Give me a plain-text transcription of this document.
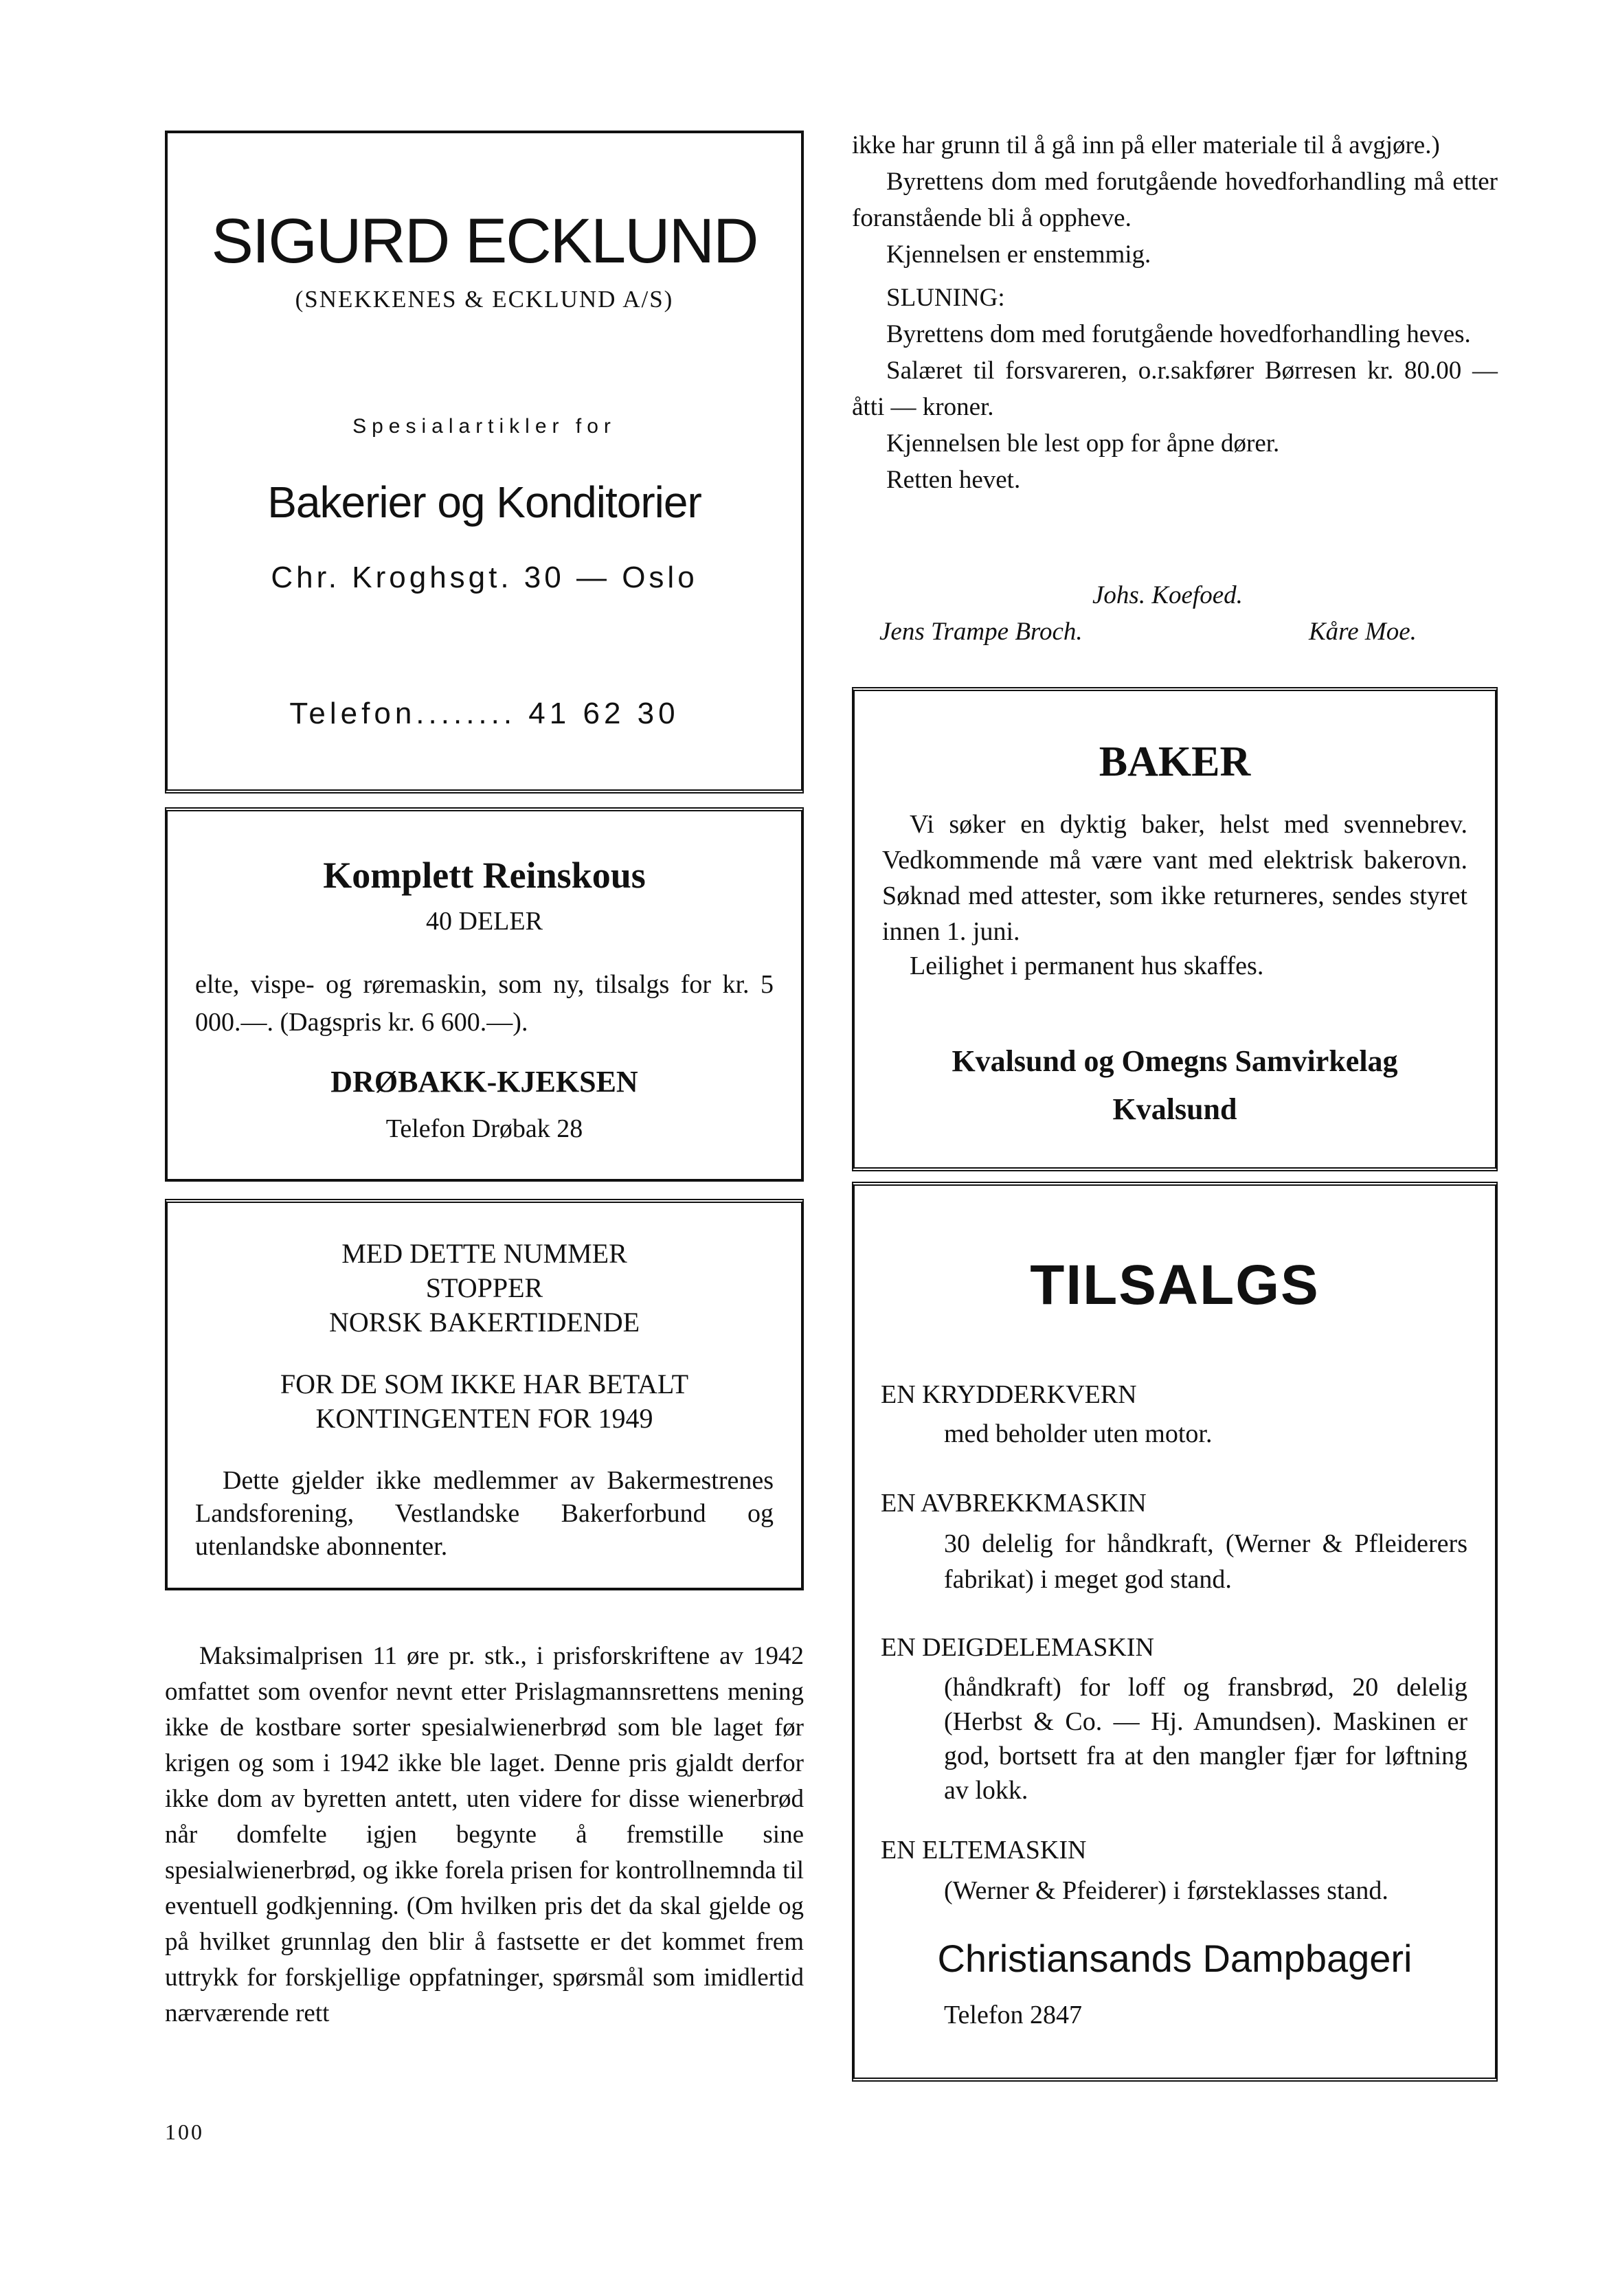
SIGURD ECKLUND
(SNEKKENES & ECKLUND A/S)
Spesialartikler for
Bakerier og Konditorier
Chr. Kroghsgt. 30 — Oslo
Telefon........ 41 62 30

ikke har grunn til å gå inn på eller materiale til å avgjøre.)

Byrettens dom med forutgående hovedforhandling må etter foranstående bli å oppheve.

Kjennelsen er enstemmig.

SLUNING:

Byrettens dom med forutgående hovedforhandling heves.

Salæret til forsvareren, o.r.sakfører Børresen kr. 80.00 — åtti — kroner.

Kjennelsen ble lest opp for åpne dører.

Retten hevet.

Johs. Koefoed.
Jens Trampe Broch.	Kåre Moe.
Komplett Reinskous
40 DELER
elte, vispe- og røremaskin, som ny, tilsalgs for kr. 5 000.—. (Dagspris kr. 6 600.—).
DRØBAKK-KJEKSEN
Telefon Drøbak 28
BAKER
Vi søker en dyktig baker, helst med svennebrev. Vedkommende må være vant med elektrisk bakerovn. Søknad med attester, som ikke returneres, sendes styret innen 1. juni.
Leilighet i permanent hus skaffes.
Kvalsund og Omegns Samvirkelag
Kvalsund
MED DETTE NUMMER
STOPPER
NORSK BAKERTIDENDE
FOR DE SOM IKKE HAR BETALT
KONTINGENTEN FOR 1949
Dette gjelder ikke medlemmer av Bakermestrenes Landsforening, Vestlandske Bakerforbund og utenlandske abonnenter.
TILSALGS
EN KRYDDERKVERN
med beholder uten motor.
EN AVBREKKMASKIN
30 delelig for håndkraft, (Werner & Pfleiderers fabrikat) i meget god stand.
EN DEIGDELEMASKIN
(håndkraft) for loff og fransbrød, 20 delelig (Herbst & Co. — Hj. Amundsen). Maskinen er god, bortsett fra at den mangler fjær for løftning av lokk.
EN ELTEMASKIN
(Werner & Pfeiderer) i førsteklasses stand.
Christiansands Dampbageri
Telefon 2847

Maksimalprisen 11 øre pr. stk., i prisforskriftene av 1942 omfattet som ovenfor nevnt etter Prislagmannsrettens mening ikke de kostbare sorter spesialwienerbrød som ble laget før krigen og som i 1942 ikke ble laget. Denne pris gjaldt derfor ikke dom av byretten antett, uten videre for disse wienerbrød når domfelte igjen begynte å fremstille sine spesialwienerbrød, og ikke forela prisen for kontrollnemnda til eventuell godkjenning. (Om hvilken pris det da skal gjelde og på hvilket grunnlag den blir å fastsette er det kommet frem uttrykk for forskjellige oppfatninger, spørsmål som imidlertid nærværende rett

100
